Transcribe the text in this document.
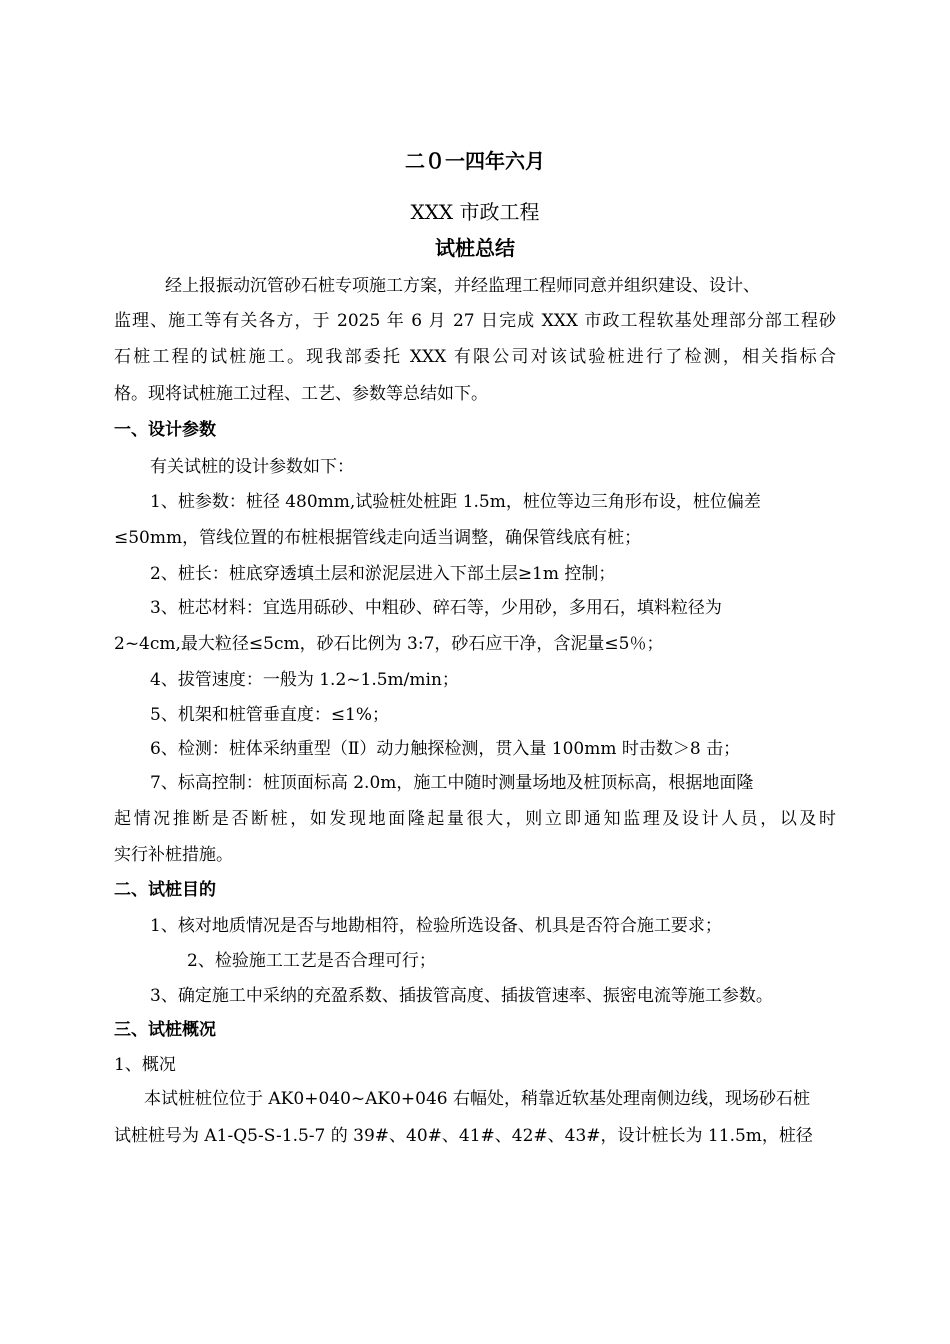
二０一四年六月
XXX 市政工程
试桩总结
经上报振动沉管砂石桩专项施工方案，并经监理工程师同意并组织建设、设计、
监理、施工等有关各方，于 2025 年 6 月 27 日完成 XXX 市政工程软基处理部分部工程砂
石桩工程的试桩施工。现我部委托 XXX 有限公司对该试验桩进行了检测，相关指标合
格。现将试桩施工过程、工艺、参数等总结如下。
一、设计参数
有关试桩的设计参数如下：
1、桩参数：桩径 480mm,试验桩处桩距 1.5m，桩位等边三角形布设，桩位偏差
≤50mm，管线位置的布桩根据管线走向适当调整，确保管线底有桩；
2、桩长：桩底穿透填土层和淤泥层进入下部土层≥1m 控制；
3、桩芯材料：宜选用砾砂、中粗砂、碎石等，少用砂，多用石，填料粒径为
2~4cm,最大粒径≤5cm，砂石比例为 3:7，砂石应干净，含泥量≤5％；
4、拔管速度：一般为 1.2~1.5m/min；
5、机架和桩管垂直度：≤1%；
6、检测：桩体采纳重型（Ⅱ）动力触探检测，贯入量 100mm 时击数＞8 击；
7、标高控制：桩顶面标高 2.0m，施工中随时测量场地及桩顶标高，根据地面隆
起情况推断是否断桩，如发现地面隆起量很大，则立即通知监理及设计人员，以及时
实行补桩措施。
二、试桩目的
1、核对地质情况是否与地勘相符，检验所选设备、机具是否符合施工要求；
2、检验施工工艺是否合理可行；
3、确定施工中采纳的充盈系数、插拔管高度、插拔管速率、振密电流等施工参数。
三、试桩概况
1、概况
本试桩桩位位于 AK0+040~AK0+046 右幅处，稍靠近软基处理南侧边线，现场砂石桩
试桩桩号为 A1-Q5-S-1.5-7 的 39#、40#、41#、42#、43#，设计桩长为 11.5m，桩径
